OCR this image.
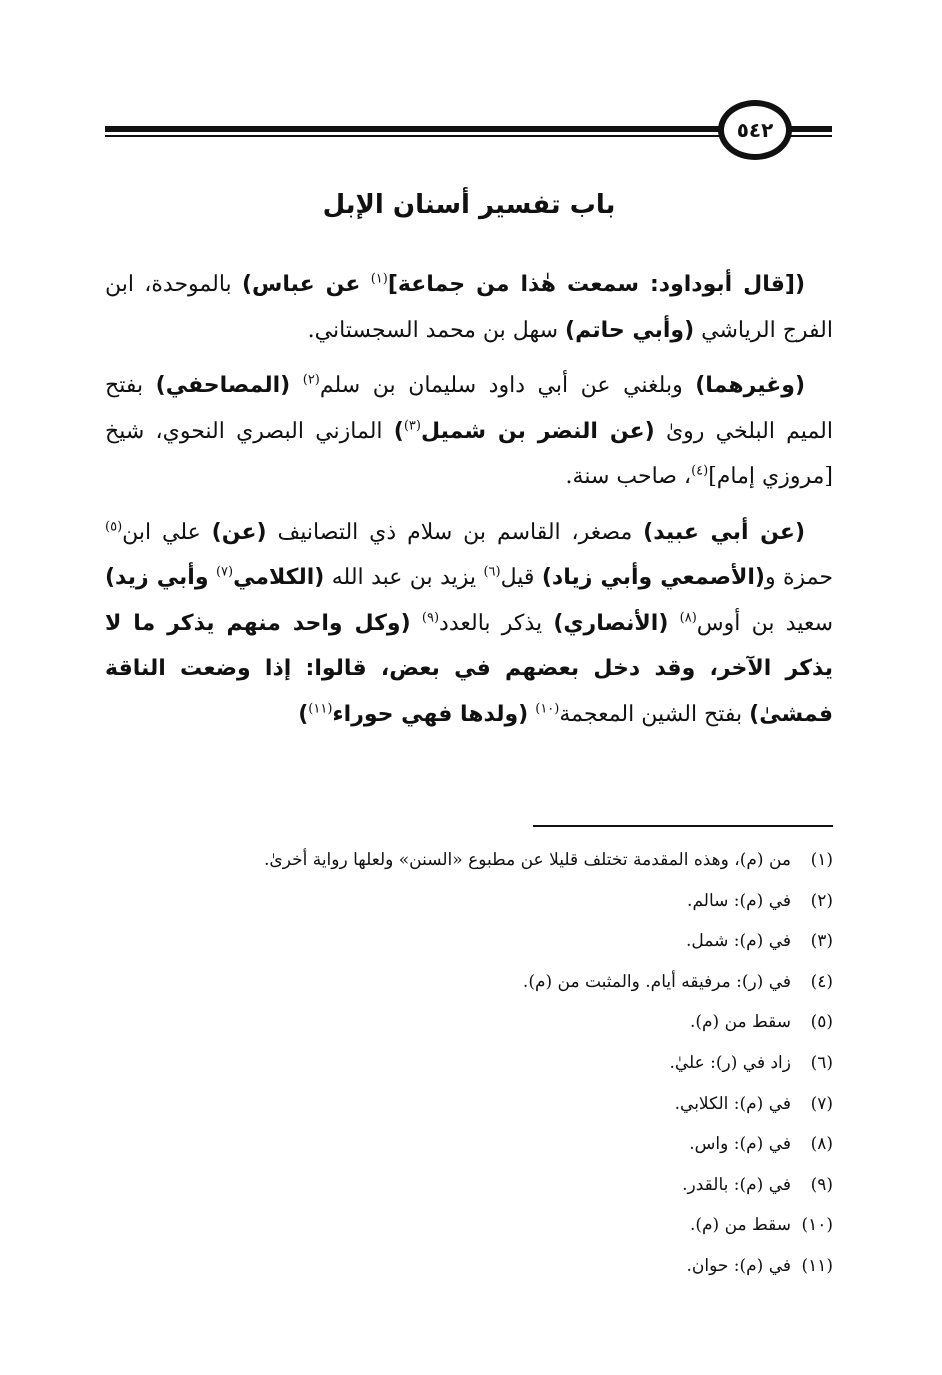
٥٤٢
باب تفسير أسنان الإبل

([قال أبوداود: سمعت هٰذا من جماعة]$^{(١)}$ عن عباس) بالموحدة، ابن الفرج الرياشي (وأبي حاتم) سهل بن محمد السجستاني.

(وغيرهما) وبلغني عن أبي داود سليمان بن سلم$^{(٢)}$ (المصاحفي) بفتح الميم البلخي روىٰ (عن النضر بن شميل$^{(٣)}$) المازني البصري النحوي، شيخ [مروزي إمام]$^{(٤)}$، صاحب سنة.

(عن أبي عبيد) مصغر، القاسم بن سلام ذي التصانيف (عن) علي ابن$^{(٥)}$ حمزة و(الأصمعي وأبي زياد) قيل$^{(٦)}$ يزيد بن عبد الله (الكلامي$^{(٧)}$ وأبي زيد) سعيد بن أوس$^{(٨)}$ (الأنصاري) يذكر بالعدد$^{(٩)}$ (وكل واحد منهم يذكر ما لا يذكر الآخر، وقد دخل بعضهم في بعض، قالوا: إذا وضعت الناقة فمشىٰ) بفتح الشين المعجمة$^{(١٠)}$ (ولدها فهي حوراء$^{(١١)}$)

(١)
من (م)، وهذه المقدمة تختلف قليلا عن مطبوع «السنن» ولعلها رواية أخرىٰ.
(٢)
في (م): سالم.
(٣)
في (م): شمل.
(٤)
في (ر): مرفيقه أيام. والمثبت من (م).
(٥)
سقط من (م).
(٦)
زاد في (ر): عليٰ.
(٧)
في (م): الكلابي.
(٨)
في (م): واس.
(٩)
في (م): بالقدر.
(١٠)
سقط من (م).
(١١)
في (م): حوان.
